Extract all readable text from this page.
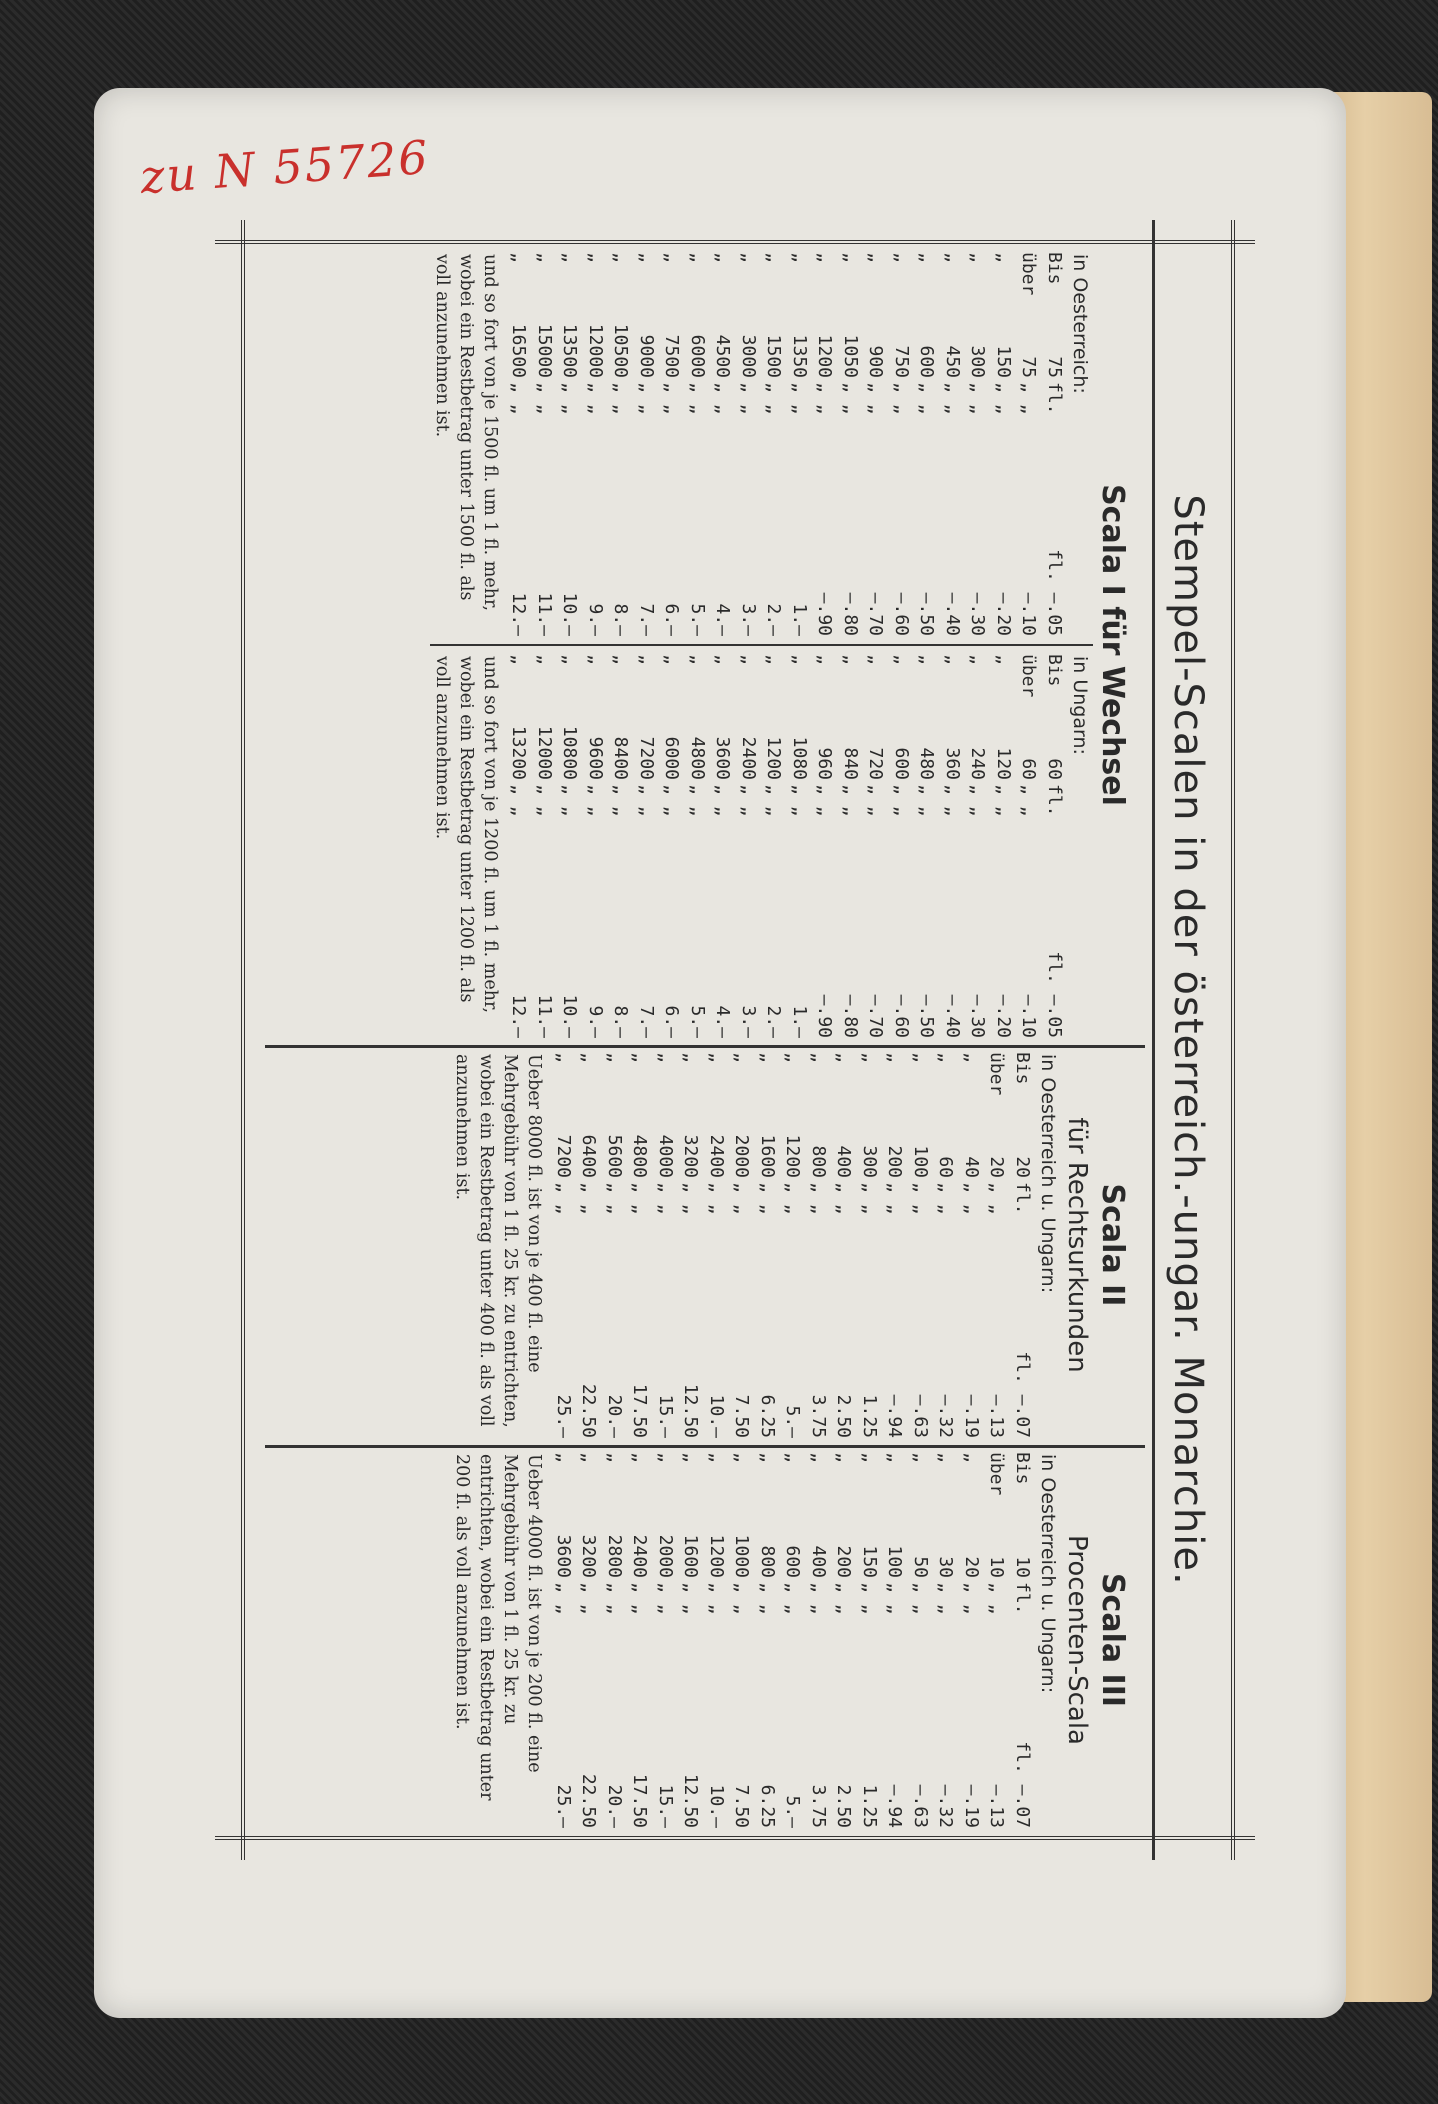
zu N 55726
Stempel-Scalen in der österreich.-ungar. Monarchie.
Scala I für Wechsel
in Oesterreich:
Bis	75	fl.	fl. —.05
über	75	„ „	—.10
„	150	„ „	—.20
„	300	„ „	—.30
„	450	„ „	—.40
„	600	„ „	—.50
„	750	„ „	—.60
„	900	„ „	—.70
„	1050	„ „	—.80
„	1200	„ „	—.90
„	1350	„ „	1.—
„	1500	„ „	2.—
„	3000	„ „	3.—
„	4500	„ „	4.—
„	6000	„ „	5.—
„	7500	„ „	6.—
„	9000	„ „	7.—
„	10500	„ „	8.—
„	12000	„ „	9.—
„	13500	„ „	10.—
„	15000	„ „	11.—
„	16500	„ „	12.—
und so fort von je 1500 fl. um 1 fl. mehr, wobei ein Restbetrag unter 1500 fl. als voll anzunehmen ist.
in Ungarn:
Bis	60	fl.	fl. —.05
über	60	„ „	—.10
„	120	„ „	—.20
„	240	„ „	—.30
„	360	„ „	—.40
„	480	„ „	—.50
„	600	„ „	—.60
„	720	„ „	—.70
„	840	„ „	—.80
„	960	„ „	—.90
„	1080	„ „	1.—
„	1200	„ „	2.—
„	2400	„ „	3.—
„	3600	„ „	4.—
„	4800	„ „	5.—
„	6000	„ „	6.—
„	7200	„ „	7.—
„	8400	„ „	8.—
„	9600	„ „	9.—
„	10800	„ „	10.—
„	12000	„ „	11.—
„	13200	„ „	12.—
und so fort von je 1200 fl. um 1 fl. mehr, wobei ein Restbetrag unter 1200 fl. als voll anzunehmen ist.
Scala II
für Rechtsurkunden
in Oesterreich u. Ungarn:
Bis	20	fl.	fl. —.07
über	20	„ „	—.13
„	40	„ „	—.19
„	60	„ „	—.32
„	100	„ „	—.63
„	200	„ „	—.94
„	300	„ „	1.25
„	400	„ „	2.50
„	800	„ „	3.75
„	1200	„ „	5.—
„	1600	„ „	6.25
„	2000	„ „	7.50
„	2400	„ „	10.—
„	3200	„ „	12.50
„	4000	„ „	15.—
„	4800	„ „	17.50
„	5600	„ „	20.—
„	6400	„ „	22.50
„	7200	„ „	25.—
Ueber 8000 fl. ist von je 400 fl. eine Mehrgebühr von 1 fl. 25 kr. zu entrichten, wobei ein Restbetrag unter 400 fl. als voll anzunehmen ist.
Scala III
Procenten-Scala
in Oesterreich u. Ungarn:
Bis	10	fl.	fl. —.07
über	10	„ „	—.13
„	20	„ „	—.19
„	30	„ „	—.32
„	50	„ „	—.63
„	100	„ „	—.94
„	150	„ „	1.25
„	200	„ „	2.50
„	400	„ „	3.75
„	600	„ „	5.—
„	800	„ „	6.25
„	1000	„ „	7.50
„	1200	„ „	10.—
„	1600	„ „	12.50
„	2000	„ „	15.—
„	2400	„ „	17.50
„	2800	„ „	20.—
„	3200	„ „	22.50
„	3600	„ „	25.—
Ueber 4000 fl. ist von je 200 fl. eine Mehrgebühr von 1 fl. 25 kr. zu entrichten, wobei ein Restbetrag unter 200 fl. als voll anzunehmen ist.
